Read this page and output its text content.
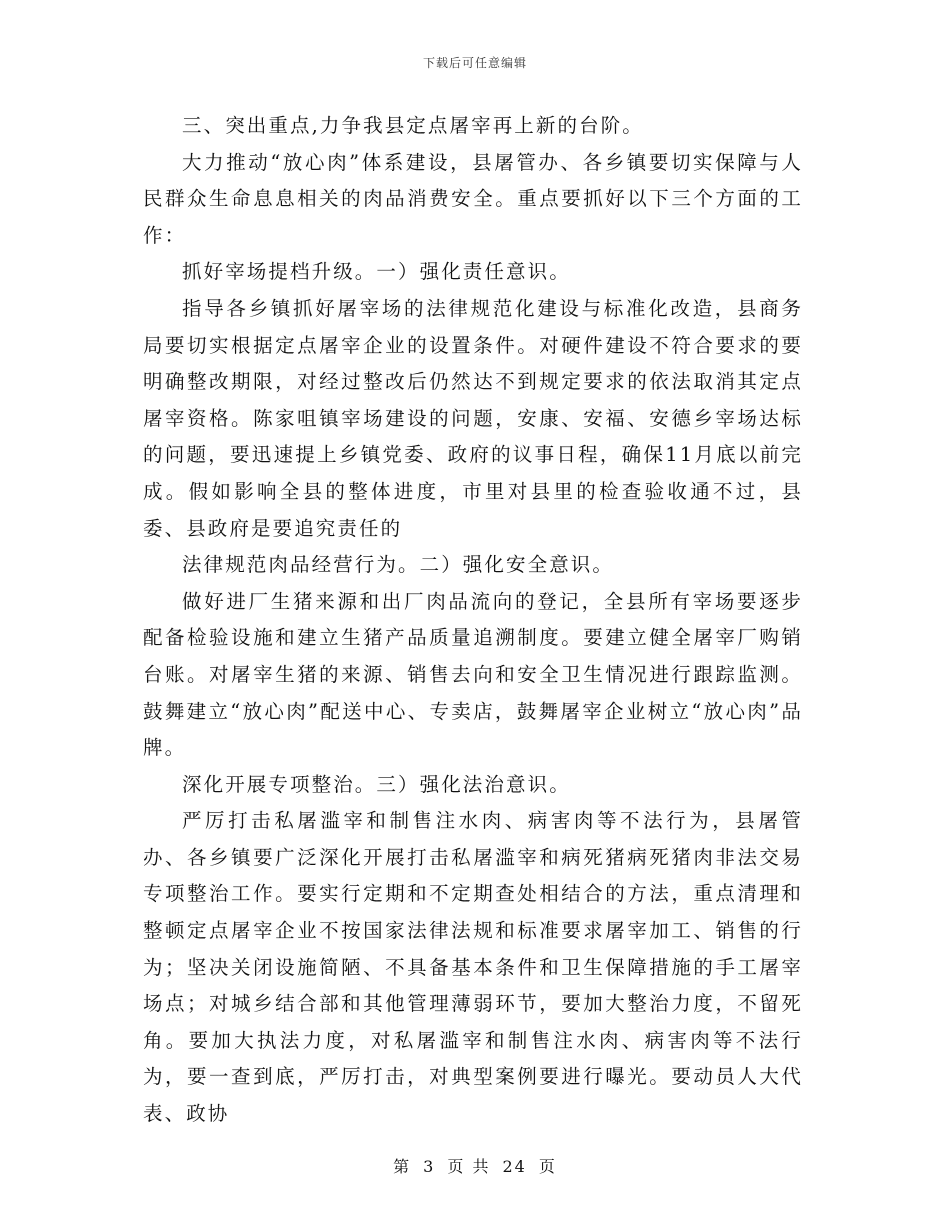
下载后可任意编辑

三、突出重点,力争我县定点屠宰再上新的台阶。

大力推动“放心肉”体系建设，县屠管办、各乡镇要切实保障与人民群众生命息息相关的肉品消费安全。重点要抓好以下三个方面的工作：

抓好宰场提档升级。一）强化责任意识。

指导各乡镇抓好屠宰场的法律规范化建设与标准化改造，县商务局要切实根据定点屠宰企业的设置条件。对硬件建设不符合要求的要明确整改期限，对经过整改后仍然达不到规定要求的依法取消其定点屠宰资格。陈家咀镇宰场建设的问题，安康、安福、安德乡宰场达标的问题，要迅速提上乡镇党委、政府的议事日程，确保11月底以前完成。假如影响全县的整体进度，市里对县里的检查验收通不过，县委、县政府是要追究责任的

法律规范肉品经营行为。二）强化安全意识。

做好进厂生猪来源和出厂肉品流向的登记，全县所有宰场要逐步配备检验设施和建立生猪产品质量追溯制度。要建立健全屠宰厂购销台账。对屠宰生猪的来源、销售去向和安全卫生情况进行跟踪监测。鼓舞建立“放心肉”配送中心、专卖店，鼓舞屠宰企业树立“放心肉”品牌。

深化开展专项整治。三）强化法治意识。

严厉打击私屠滥宰和制售注水肉、病害肉等不法行为，县屠管办、各乡镇要广泛深化开展打击私屠滥宰和病死猪病死猪肉非法交易专项整治工作。要实行定期和不定期查处相结合的方法，重点清理和整顿定点屠宰企业不按国家法律法规和标准要求屠宰加工、销售的行为；坚决关闭设施简陋、不具备基本条件和卫生保障措施的手工屠宰场点；对城乡结合部和其他管理薄弱环节，要加大整治力度，不留死角。要加大执法力度，对私屠滥宰和制售注水肉、病害肉等不法行为，要一查到底，严厉打击，对典型案例要进行曝光。要动员人大代表、政协

第 3 页 共 24 页
